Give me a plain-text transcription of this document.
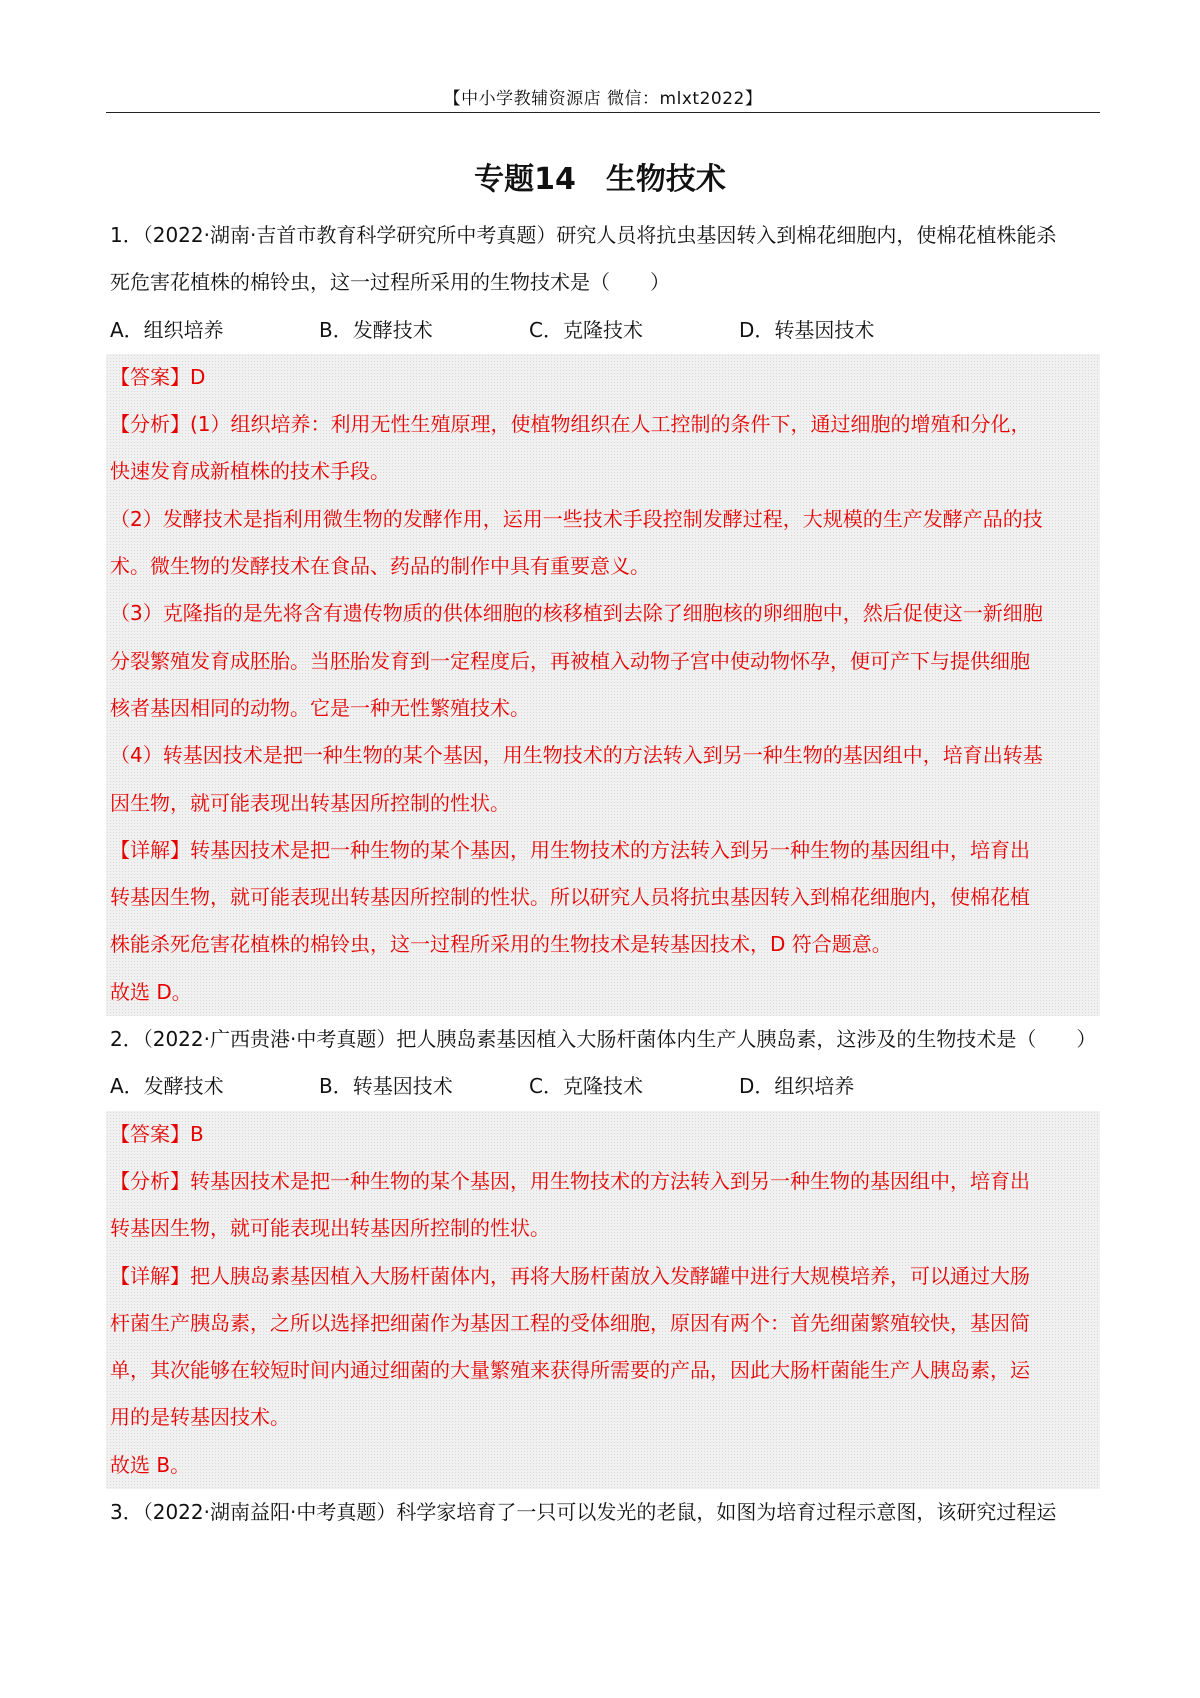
【中小学教辅资源店 微信：mlxt2022】
专题14　生物技术
1．（2022·湖南·吉首市教育科学研究所中考真题）研究人员将抗虫基因转入到棉花细胞内，使棉花植株能杀
死危害花植株的棉铃虫，这一过程所采用的生物技术是（　　）
A．组织培养	B．发酵技术	C．克隆技术	D．转基因技术
【答案】D
【分析】(1）组织培养：利用无性生殖原理，使植物组织在人工控制的条件下，通过细胞的增殖和分化，
快速发育成新植株的技术手段。
（2）发酵技术是指利用微生物的发酵作用，运用一些技术手段控制发酵过程，大规模的生产发酵产品的技
术。微生物的发酵技术在食品、药品的制作中具有重要意义。
（3）克隆指的是先将含有遗传物质的供体细胞的核移植到去除了细胞核的卵细胞中，然后促使这一新细胞
分裂繁殖发育成胚胎。当胚胎发育到一定程度后，再被植入动物子宫中使动物怀孕，便可产下与提供细胞
核者基因相同的动物。它是一种无性繁殖技术。
（4）转基因技术是把一种生物的某个基因，用生物技术的方法转入到另一种生物的基因组中，培育出转基
因生物，就可能表现出转基因所控制的性状。
【详解】转基因技术是把一种生物的某个基因，用生物技术的方法转入到另一种生物的基因组中，培育出
转基因生物，就可能表现出转基因所控制的性状。所以研究人员将抗虫基因转入到棉花细胞内，使棉花植
株能杀死危害花植株的棉铃虫，这一过程所采用的生物技术是转基因技术，D 符合题意。
故选 D。
2．（2022·广西贵港·中考真题）把人胰岛素基因植入大肠杆菌体内生产人胰岛素，这涉及的生物技术是（　　）
A．发酵技术	B．转基因技术	C．克隆技术	D．组织培养
【答案】B
【分析】转基因技术是把一种生物的某个基因，用生物技术的方法转入到另一种生物的基因组中，培育出
转基因生物，就可能表现出转基因所控制的性状。
【详解】把人胰岛素基因植入大肠杆菌体内，再将大肠杆菌放入发酵罐中进行大规模培养，可以通过大肠
杆菌生产胰岛素，之所以选择把细菌作为基因工程的受体细胞，原因有两个：首先细菌繁殖较快，基因简
单，其次能够在较短时间内通过细菌的大量繁殖来获得所需要的产品，因此大肠杆菌能生产人胰岛素，运
用的是转基因技术。
故选 B。
3．（2022·湖南益阳·中考真题）科学家培育了一只可以发光的老鼠，如图为培育过程示意图，该研究过程运
